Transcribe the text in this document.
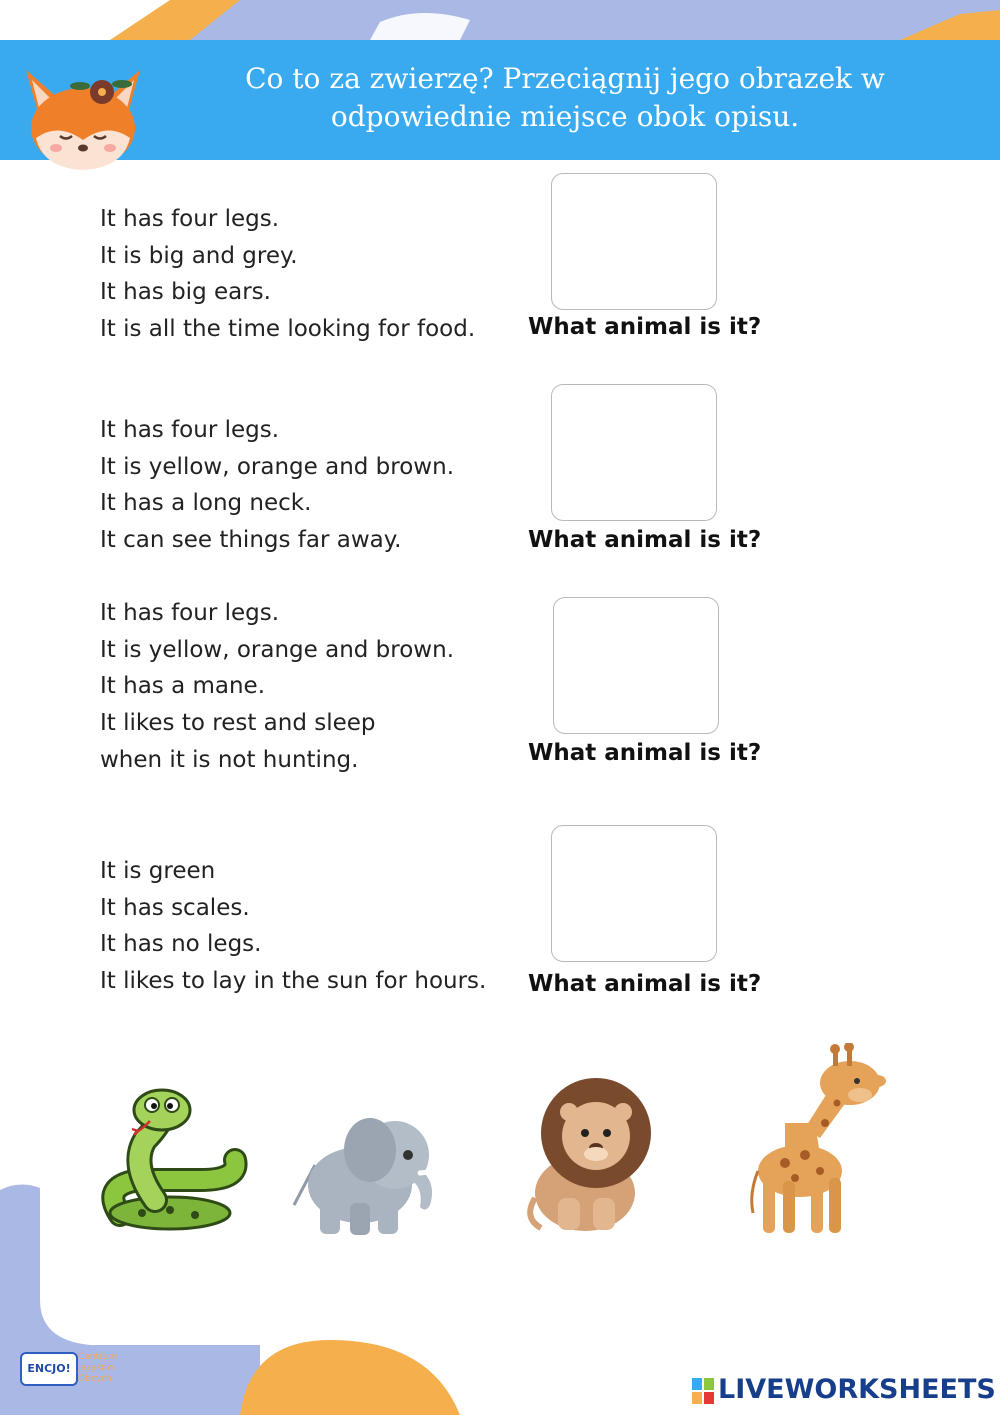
Co to za zwierzę? Przeciągnij jego obrazek w odpowiednie miejsce obok opisu.
It has four legs.
It is big and grey.
It has big ears.
It is all the time looking for food.	What animal is it?
It has four legs.
It is yellow, orange and brown.
It has a long neck.
It can see things far away.	What animal is it?
It has four legs.
It is yellow, orange and brown.
It has a mane.
It likes to rest and sleep
when it is not hunting.	What animal is it?
It is green
It has scales.
It has no legs.
It likes to lay in the sun for hours.	What animal is it?
ENCJO!
Centrum
Języków
Obcych	LIVEWORKSHEETS
